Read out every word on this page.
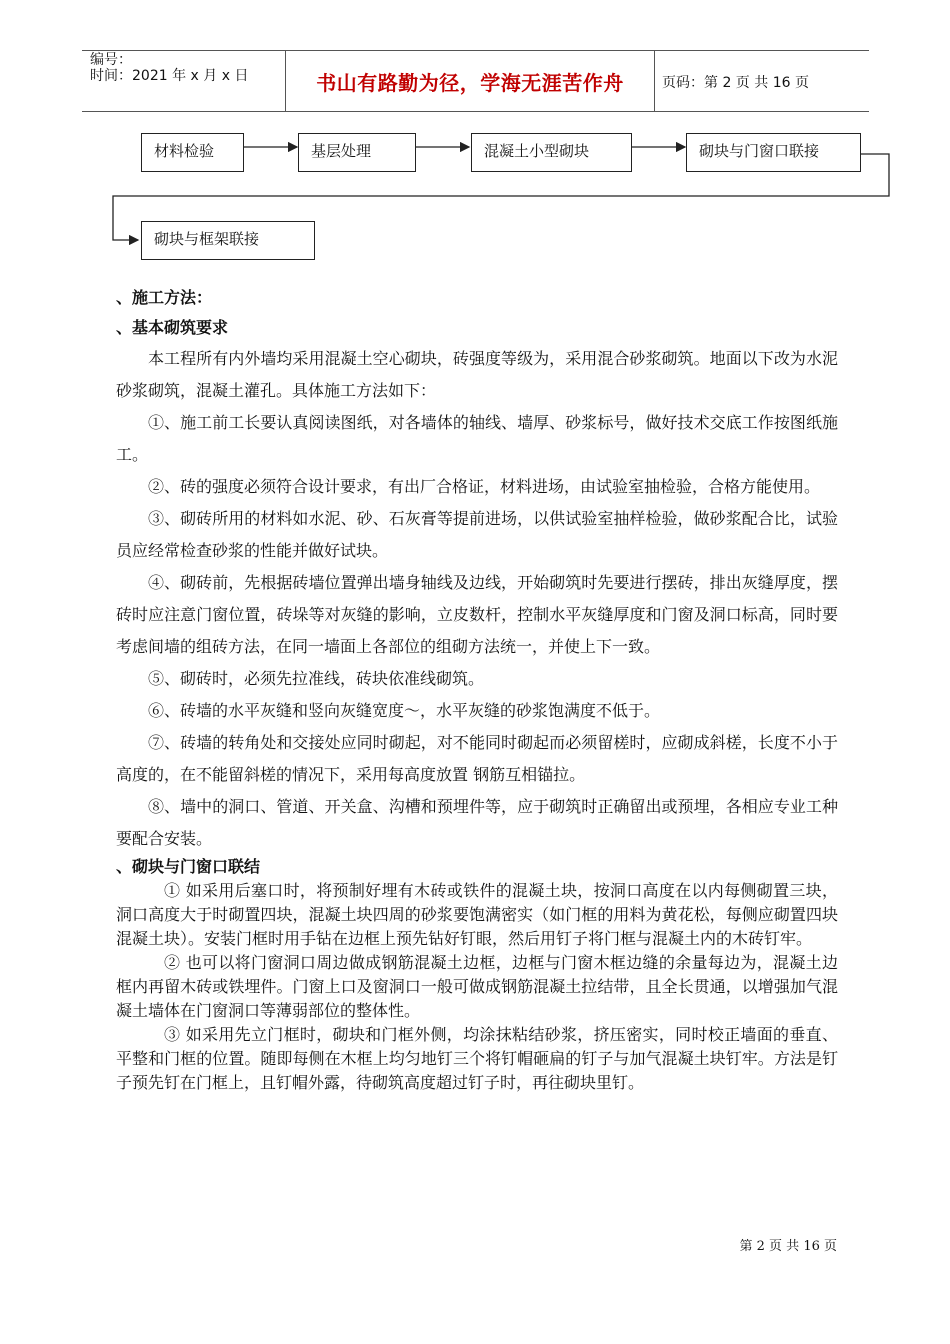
编号：
时间：2021 年 x 月 x 日	书山有路勤为径，学海无涯苦作舟	页码：第 2 页 共 16 页
材料检验	基层处理	混凝土小型砌块	砌块与门窗口联接
砌块与框架联接
、施工方法：
、基本砌筑要求

本工程所有内外墙均采用混凝土空心砌块，砖强度等级为，采用混合砂浆砌筑。地面以下改为水泥砂浆砌筑，混凝土灌孔。具体施工方法如下：

①、施工前工长要认真阅读图纸，对各墙体的轴线、墙厚、砂浆标号，做好技术交底工作按图纸施工。

②、砖的强度必须符合设计要求，有出厂合格证，材料进场，由试验室抽检验，合格方能使用。

③、砌砖所用的材料如水泥、砂、石灰膏等提前进场，以供试验室抽样检验，做砂浆配合比，试验员应经常检查砂浆的性能并做好试块。

④、砌砖前，先根据砖墙位置弹出墙身轴线及边线，开始砌筑时先要进行摆砖，排出灰缝厚度，摆砖时应注意门窗位置，砖垛等对灰缝的影响，立皮数杆，控制水平灰缝厚度和门窗及洞口标高，同时要考虑间墙的组砖方法，在同一墙面上各部位的组砌方法统一，并使上下一致。

⑤、砌砖时，必须先拉准线，砖块依准线砌筑。

⑥、砖墙的水平灰缝和竖向灰缝宽度～，水平灰缝的砂浆饱满度不低于。

⑦、砖墙的转角处和交接处应同时砌起，对不能同时砌起而必须留槎时，应砌成斜槎，长度不小于高度的，在不能留斜槎的情况下，采用每高度放置 钢筋互相锚拉。

⑧、墙中的洞口、管道、开关盒、沟槽和预埋件等，应于砌筑时正确留出或预埋，各相应专业工种要配合安装。

、砌块与门窗口联结

① 如采用后塞口时，将预制好埋有木砖或铁件的混凝土块，按洞口高度在以内每侧砌置三块，洞口高度大于时砌置四块，混凝土块四周的砂浆要饱满密实（如门框的用料为黄花松，每侧应砌置四块混凝土块）。安装门框时用手钻在边框上预先钻好钉眼，然后用钉子将门框与混凝土内的木砖钉牢。

② 也可以将门窗洞口周边做成钢筋混凝土边框，边框与门窗木框边缝的余量每边为，混凝土边框内再留木砖或铁埋件。门窗上口及窗洞口一般可做成钢筋混凝土拉结带，且全长贯通，以增强加气混凝土墙体在门窗洞口等薄弱部位的整体性。

③ 如采用先立门框时，砌块和门框外侧，均涂抹粘结砂浆，挤压密实，同时校正墙面的垂直、平整和门框的位置。随即每侧在木框上均匀地钉三个将钉帽砸扁的钉子与加气混凝土块钉牢。方法是钉子预先钉在门框上，且钉帽外露，待砌筑高度超过钉子时，再往砌块里钉。

第 2 页 共 16 页
